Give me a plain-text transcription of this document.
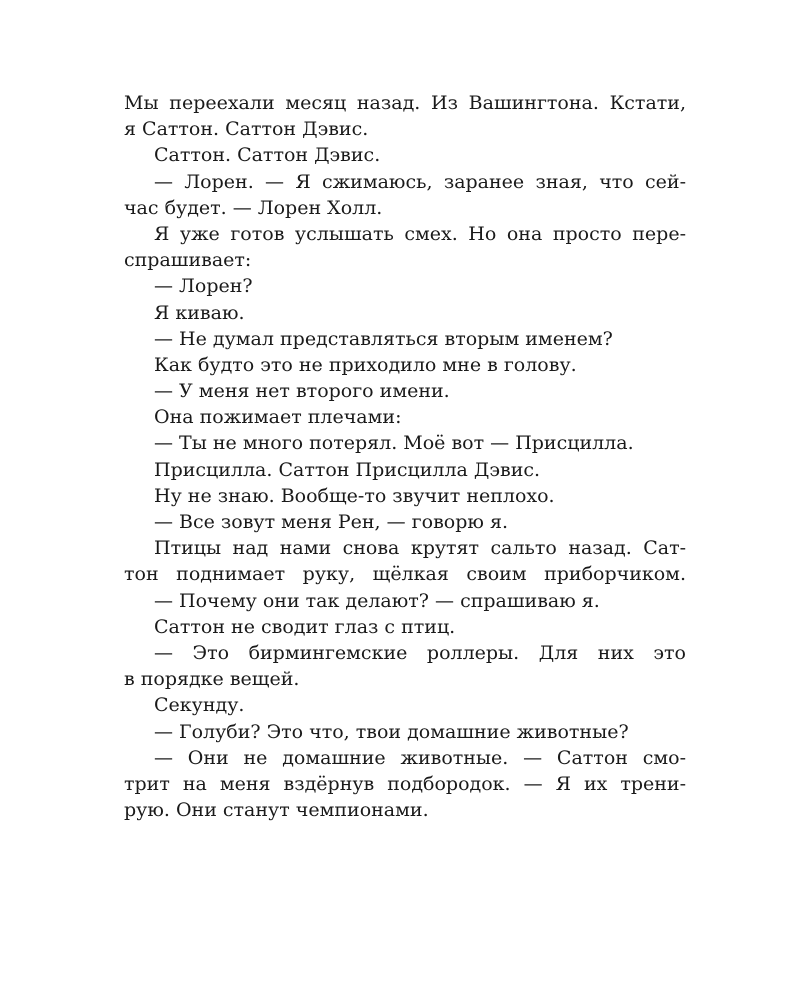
Мы переехали месяц назад. Из Вашингтона. Кстати,
я Саттон. Саттон Дэвис.
Саттон. Саттон Дэвис.
— Лорен. — Я сжимаюсь, заранее зная, что сей-
час будет. — Лорен Холл.
Я уже готов услышать смех. Но она просто пере-
спрашивает:
— Лорен?
Я киваю.
— Не думал представляться вторым именем?
Как будто это не приходило мне в голову.
— У меня нет второго имени.
Она пожимает плечами:
— Ты не много потерял. Моё вот — Присцилла.
Присцилла. Саттон Присцилла Дэвис.
Ну не знаю. Вообще-то звучит неплохо.
— Все зовут меня Рен, — говорю я.
Птицы над нами снова крутят сальто назад. Сат-
тон поднимает руку, щёлкая своим приборчиком.
— Почему они так делают? — спрашиваю я.
Саттон не сводит глаз с птиц.
— Это бирмингемские роллеры. Для них это
в порядке вещей.
Секунду.
— Голуби? Это что, твои домашние животные?
— Они не домашние животные. — Саттон смо-
трит на меня вздёрнув подбородок. — Я их трени-
рую. Они станут чемпионами.
